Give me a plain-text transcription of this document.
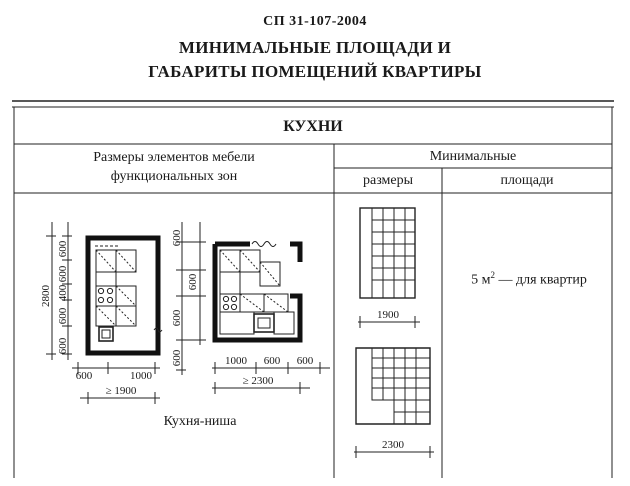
СП 31-107-2004
МИНИМАЛЬНЫЕ ПЛОЩАДИ И
ГАБАРИТЫ ПОМЕЩЕНИЙ КВАРТИРЫ
КУХНИ
Размеры элементов мебели
функциональных зон
Минимальные
размеры	площади
5 $м^2$ — для квартир
Кухня-ниша
600
600
400
600
600
2800
600	1000
≥ 1900
600
600
600
600	1000 600 600
≥ 2300
1900
2300
